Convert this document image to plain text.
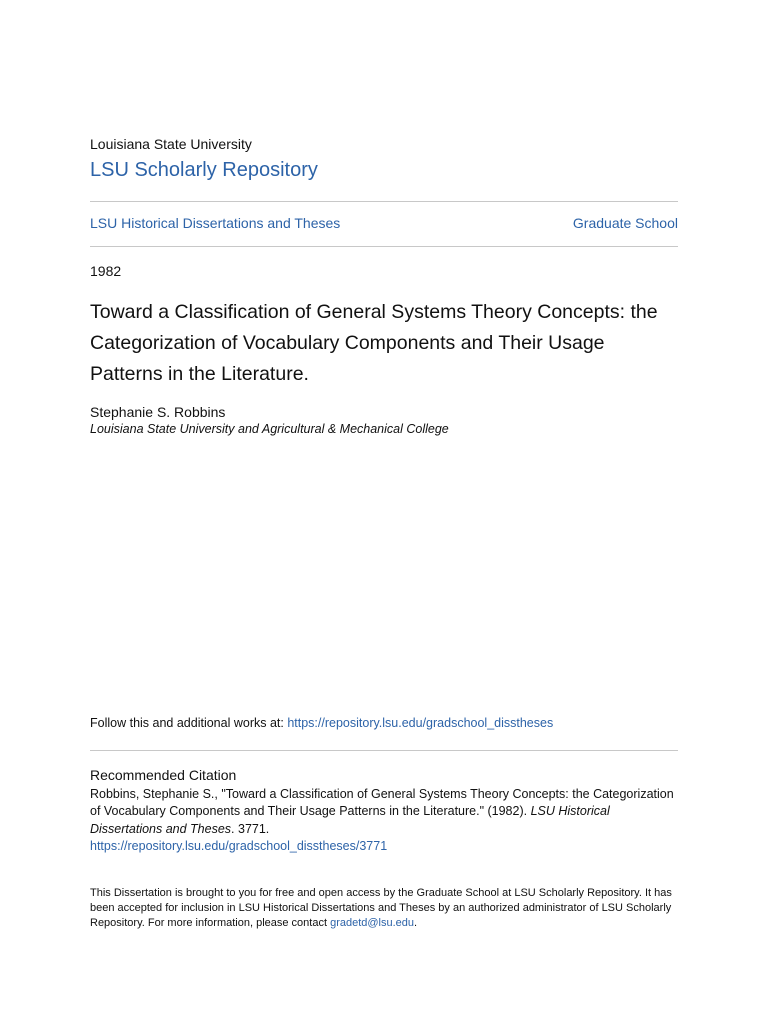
Louisiana State University
LSU Scholarly Repository
LSU Historical Dissertations and Theses	Graduate School
1982
Toward a Classification of General Systems Theory Concepts: the Categorization of Vocabulary Components and Their Usage Patterns in the Literature.
Stephanie S. Robbins
Louisiana State University and Agricultural & Mechanical College
Follow this and additional works at: https://repository.lsu.edu/gradschool_disstheses
Recommended Citation
Robbins, Stephanie S., "Toward a Classification of General Systems Theory Concepts: the Categorization of Vocabulary Components and Their Usage Patterns in the Literature." (1982). LSU Historical Dissertations and Theses. 3771.
https://repository.lsu.edu/gradschool_disstheses/3771
This Dissertation is brought to you for free and open access by the Graduate School at LSU Scholarly Repository. It has been accepted for inclusion in LSU Historical Dissertations and Theses by an authorized administrator of LSU Scholarly Repository. For more information, please contact gradetd@lsu.edu.
